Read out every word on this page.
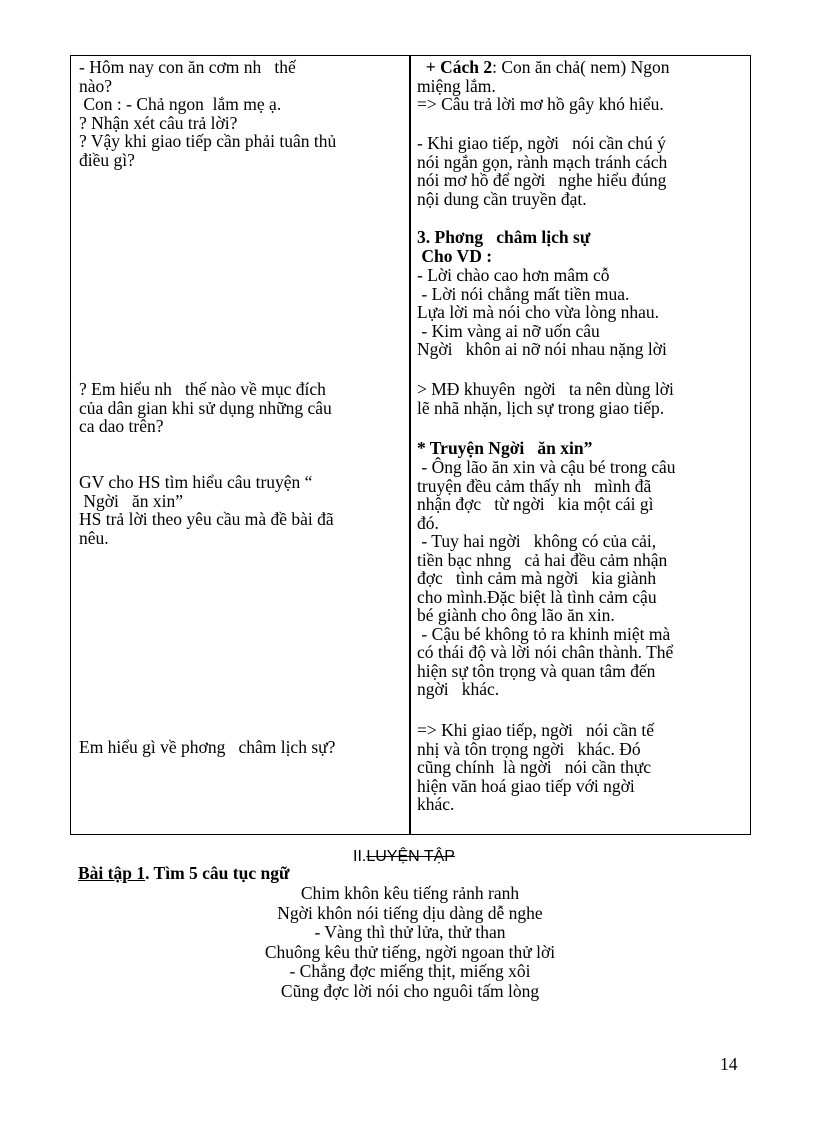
- Hôm nay con ăn cơm nh   thế
nào?
Con : - Chả ngon  lắm mẹ ạ.
? Nhận xét câu trả lời?
? Vậy khi giao tiếp cần phải tuân thủ
điều gì?
? Em hiểu nh   thế nào về mục đích
của dân gian khi sử dụng những câu
ca dao trên?
GV cho HS tìm hiểu câu truyện “
Ngời   ăn xin”
HS trả lời theo yêu cầu mà đề bài đã
nêu.
Em hiểu gì về phơng   châm lịch sự?
+ Cách 2: Con ăn chả( nem) Ngon
miệng lắm.
=> Câu trả lời mơ hồ gây khó hiểu.
- Khi giao tiếp, ngời   nói cần chú ý
nói ngắn gọn, rành mạch tránh cách
nói mơ hồ để ngời   nghe hiểu đúng
nội dung cần truyền đạt.
3. Phơng   châm lịch sự
Cho VD :
- Lời chào cao hơn mâm cỗ
- Lời nói chẳng mất tiền mua.
Lựa lời mà nói cho vừa lòng nhau.
- Kim vàng ai nỡ uốn câu
Ngời   khôn ai nỡ nói nhau nặng lời
> MĐ khuyên  ngời   ta nên dùng lời
lẽ nhã nhặn, lịch sự trong giao tiếp.
* Truyện Ngời   ăn xin”
- Ông lão ăn xin và cậu bé trong câu
truyện đều cảm thấy nh   mình đã
nhận đợc   từ ngời   kia một cái gì
đó.
- Tuy hai ngời   không có của cải,
tiền bạc nhng   cả hai đều cảm nhận
đợc   tình cảm mà ngời   kia giành
cho mình.Đặc biệt là tình cảm cậu
bé giành cho ông lão ăn xin.
- Cậu bé không tỏ ra khinh miệt mà
có thái độ và lời nói chân thành. Thể
hiện sự tôn trọng và quan tâm đến
ngời   khác.
=> Khi giao tiếp, ngời   nói cần tế
nhị và tôn trọng ngời   khác. Đó
cũng chính  là ngời   nói cần thực
hiện văn hoá giao tiếp với ngời
khác.
II.LUYỆN TẬP
Bài tập 1. Tìm 5 câu tục ngữ
Chim khôn kêu tiếng rảnh ranh
Ngời khôn nói tiếng dịu dàng dễ nghe
- Vàng thì thử lửa, thử than
Chuông kêu thử tiếng, ngời ngoan thử lời
- Chẳng đợc miếng thịt, miếng xôi
Cũng đợc lời nói cho nguôi tấm lòng
14
